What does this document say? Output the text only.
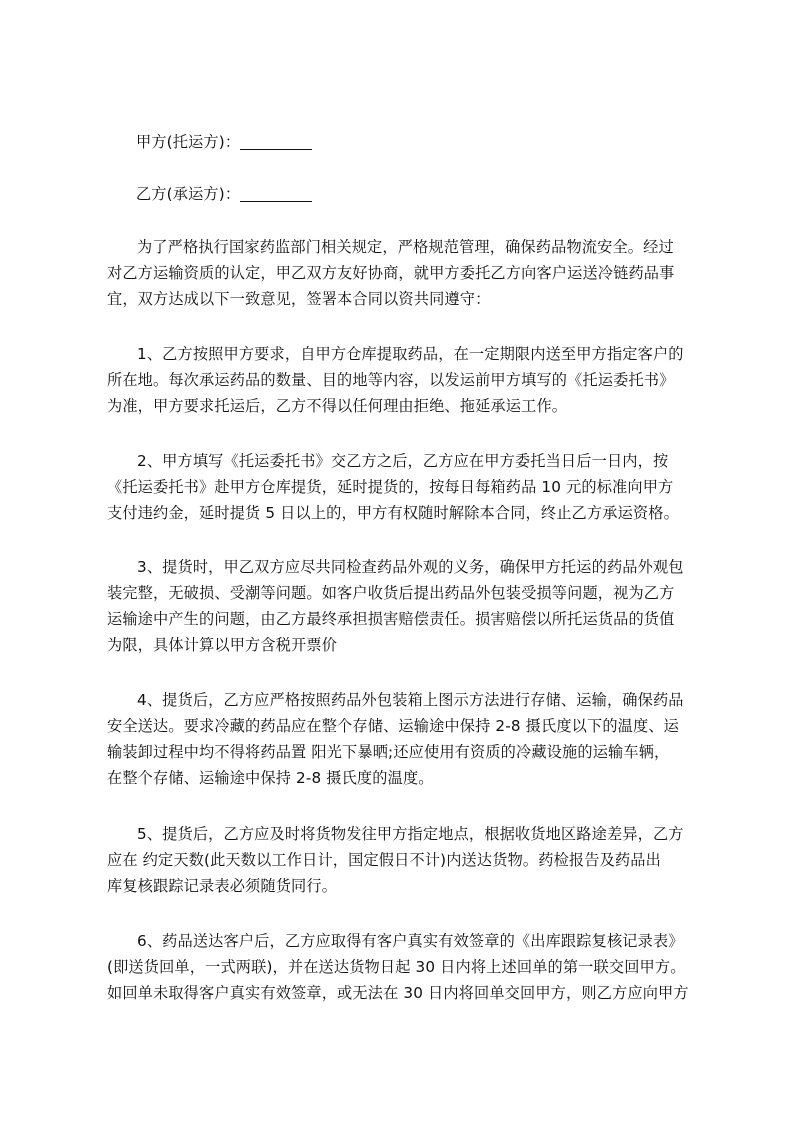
甲方(托运方)：
乙方(承运方)：
为了严格执行国家药监部门相关规定，严格规范管理，确保药品物流安全。经过
对乙方运输资质的认定，甲乙双方友好协商，就甲方委托乙方向客户运送冷链药品事
宜，双方达成以下一致意见，签署本合同以资共同遵守：
1、乙方按照甲方要求，自甲方仓库提取药品，在一定期限内送至甲方指定客户的
所在地。每次承运药品的数量、目的地等内容，以发运前甲方填写的《托运委托书》
为准，甲方要求托运后，乙方不得以任何理由拒绝、拖延承运工作。
2、甲方填写《托运委托书》交乙方之后，乙方应在甲方委托当日后一日内，按
《托运委托书》赴甲方仓库提货，延时提货的，按每日每箱药品 10 元的标准向甲方
支付违约金，延时提货 5 日以上的，甲方有权随时解除本合同，终止乙方承运资格。
3、提货时，甲乙双方应尽共同检查药品外观的义务，确保甲方托运的药品外观包
装完整，无破损、受潮等问题。如客户收货后提出药品外包装受损等问题，视为乙方
运输途中产生的问题，由乙方最终承担损害赔偿责任。损害赔偿以所托运货品的货值
为限，具体计算以甲方含税开票价
4、提货后，乙方应严格按照药品外包装箱上图示方法进行存储、运输，确保药品
安全送达。要求冷藏的药品应在整个存储、运输途中保持 2-8 摄氏度以下的温度、运
输装卸过程中均不得将药品置 阳光下暴晒;还应使用有资质的冷藏设施的运输车辆，
在整个存储、运输途中保持 2-8 摄氏度的温度。
5、提货后，乙方应及时将货物发往甲方指定地点，根据收货地区路途差异，乙方
应在 约定天数(此天数以工作日计，国定假日不计)内送达货物。药检报告及药品出
库复核跟踪记录表必须随货同行。
6、药品送达客户后，乙方应取得有客户真实有效签章的《出库跟踪复核记录表》
(即送货回单，一式两联)，并在送达货物日起 30 日内将上述回单的第一联交回甲方。
如回单未取得客户真实有效签章，或无法在 30 日内将回单交回甲方，则乙方应向甲方
